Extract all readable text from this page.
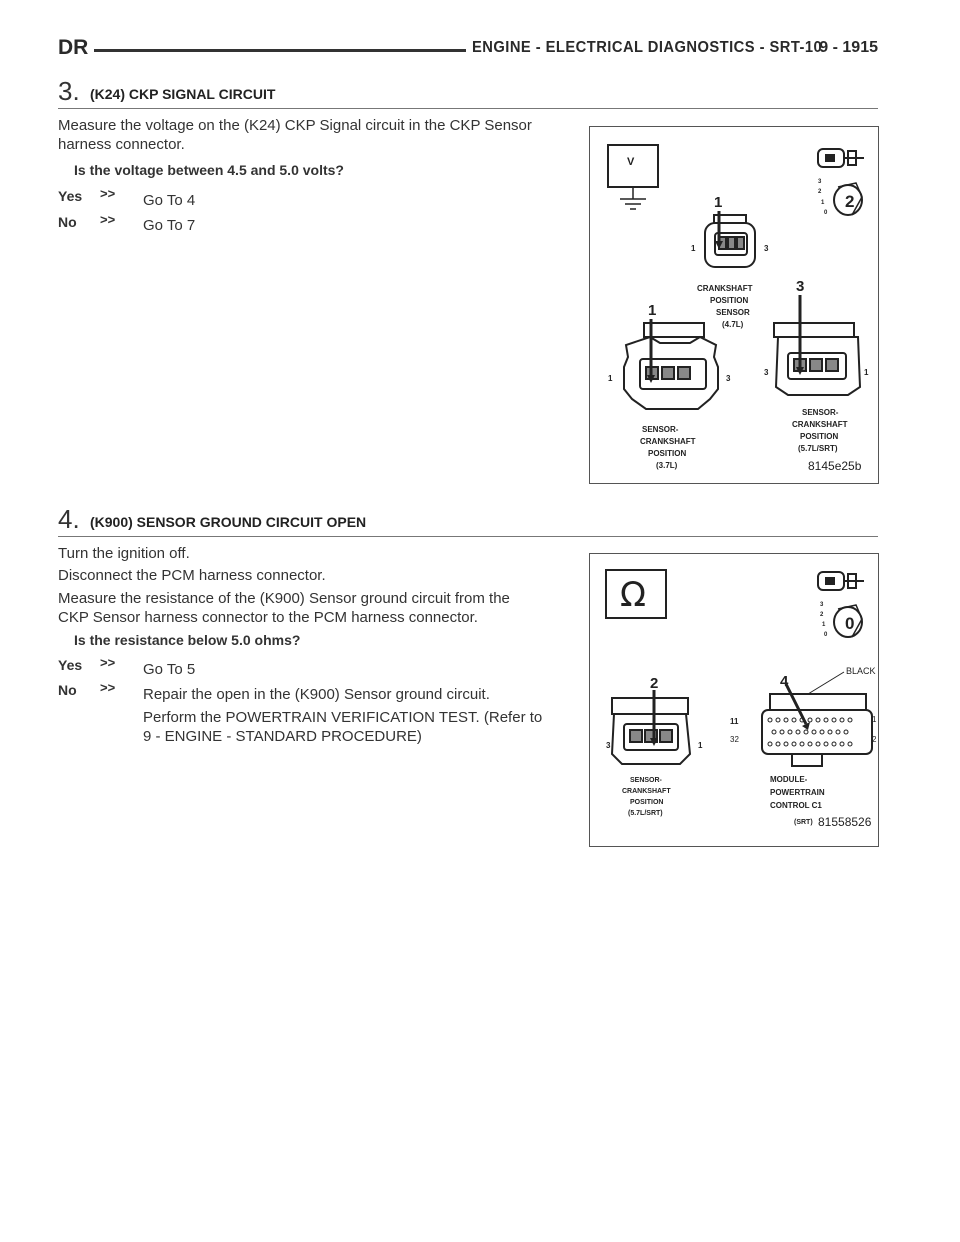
DR	ENGINE - ELECTRICAL DIAGNOSTICS - SRT-10
9 - 1915
3. (K24) CKP SIGNAL CIRCUIT
Measure the voltage on the (K24) CKP Signal circuit in the CKP Sensor
harness connector.
Is the voltage between 4.5 and 5.0 volts?
Yes >> Go To 4
No >> Go To 7
V
3
2
1
0
2
1
1	3
CRANKSHAFT
POSITION
SENSOR
(4.7L)
1
1	3
SENSOR-
CRANKSHAFT
POSITION
(3.7L)
3
3	1
SENSOR-
CRANKSHAFT
POSITION
(5.7L/SRT)
8145e25b
4. (K900) SENSOR GROUND CIRCUIT OPEN
Turn the ignition off.
Disconnect the PCM harness connector.
Measure the resistance of the (K900) Sensor ground circuit from the
CKP Sensor harness connector to the PCM harness connector.
Is the resistance below 5.0 ohms?
Yes >> Go To 5
No >> Repair the open in the (K900) Sensor ground circuit.
Perform the POWERTRAIN VERIFICATION TEST. (Refer to
9 - ENGINE - STANDARD PROCEDURE)
Ω	3
2
1
0
0
2
3	1
SENSOR-
CRANKSHAFT
POSITION
(5.7L/SRT)
4
BLACK
11
32
1
2
MODULE-
POWERTRAIN
CONTROL C1
(SRT) 81558526
